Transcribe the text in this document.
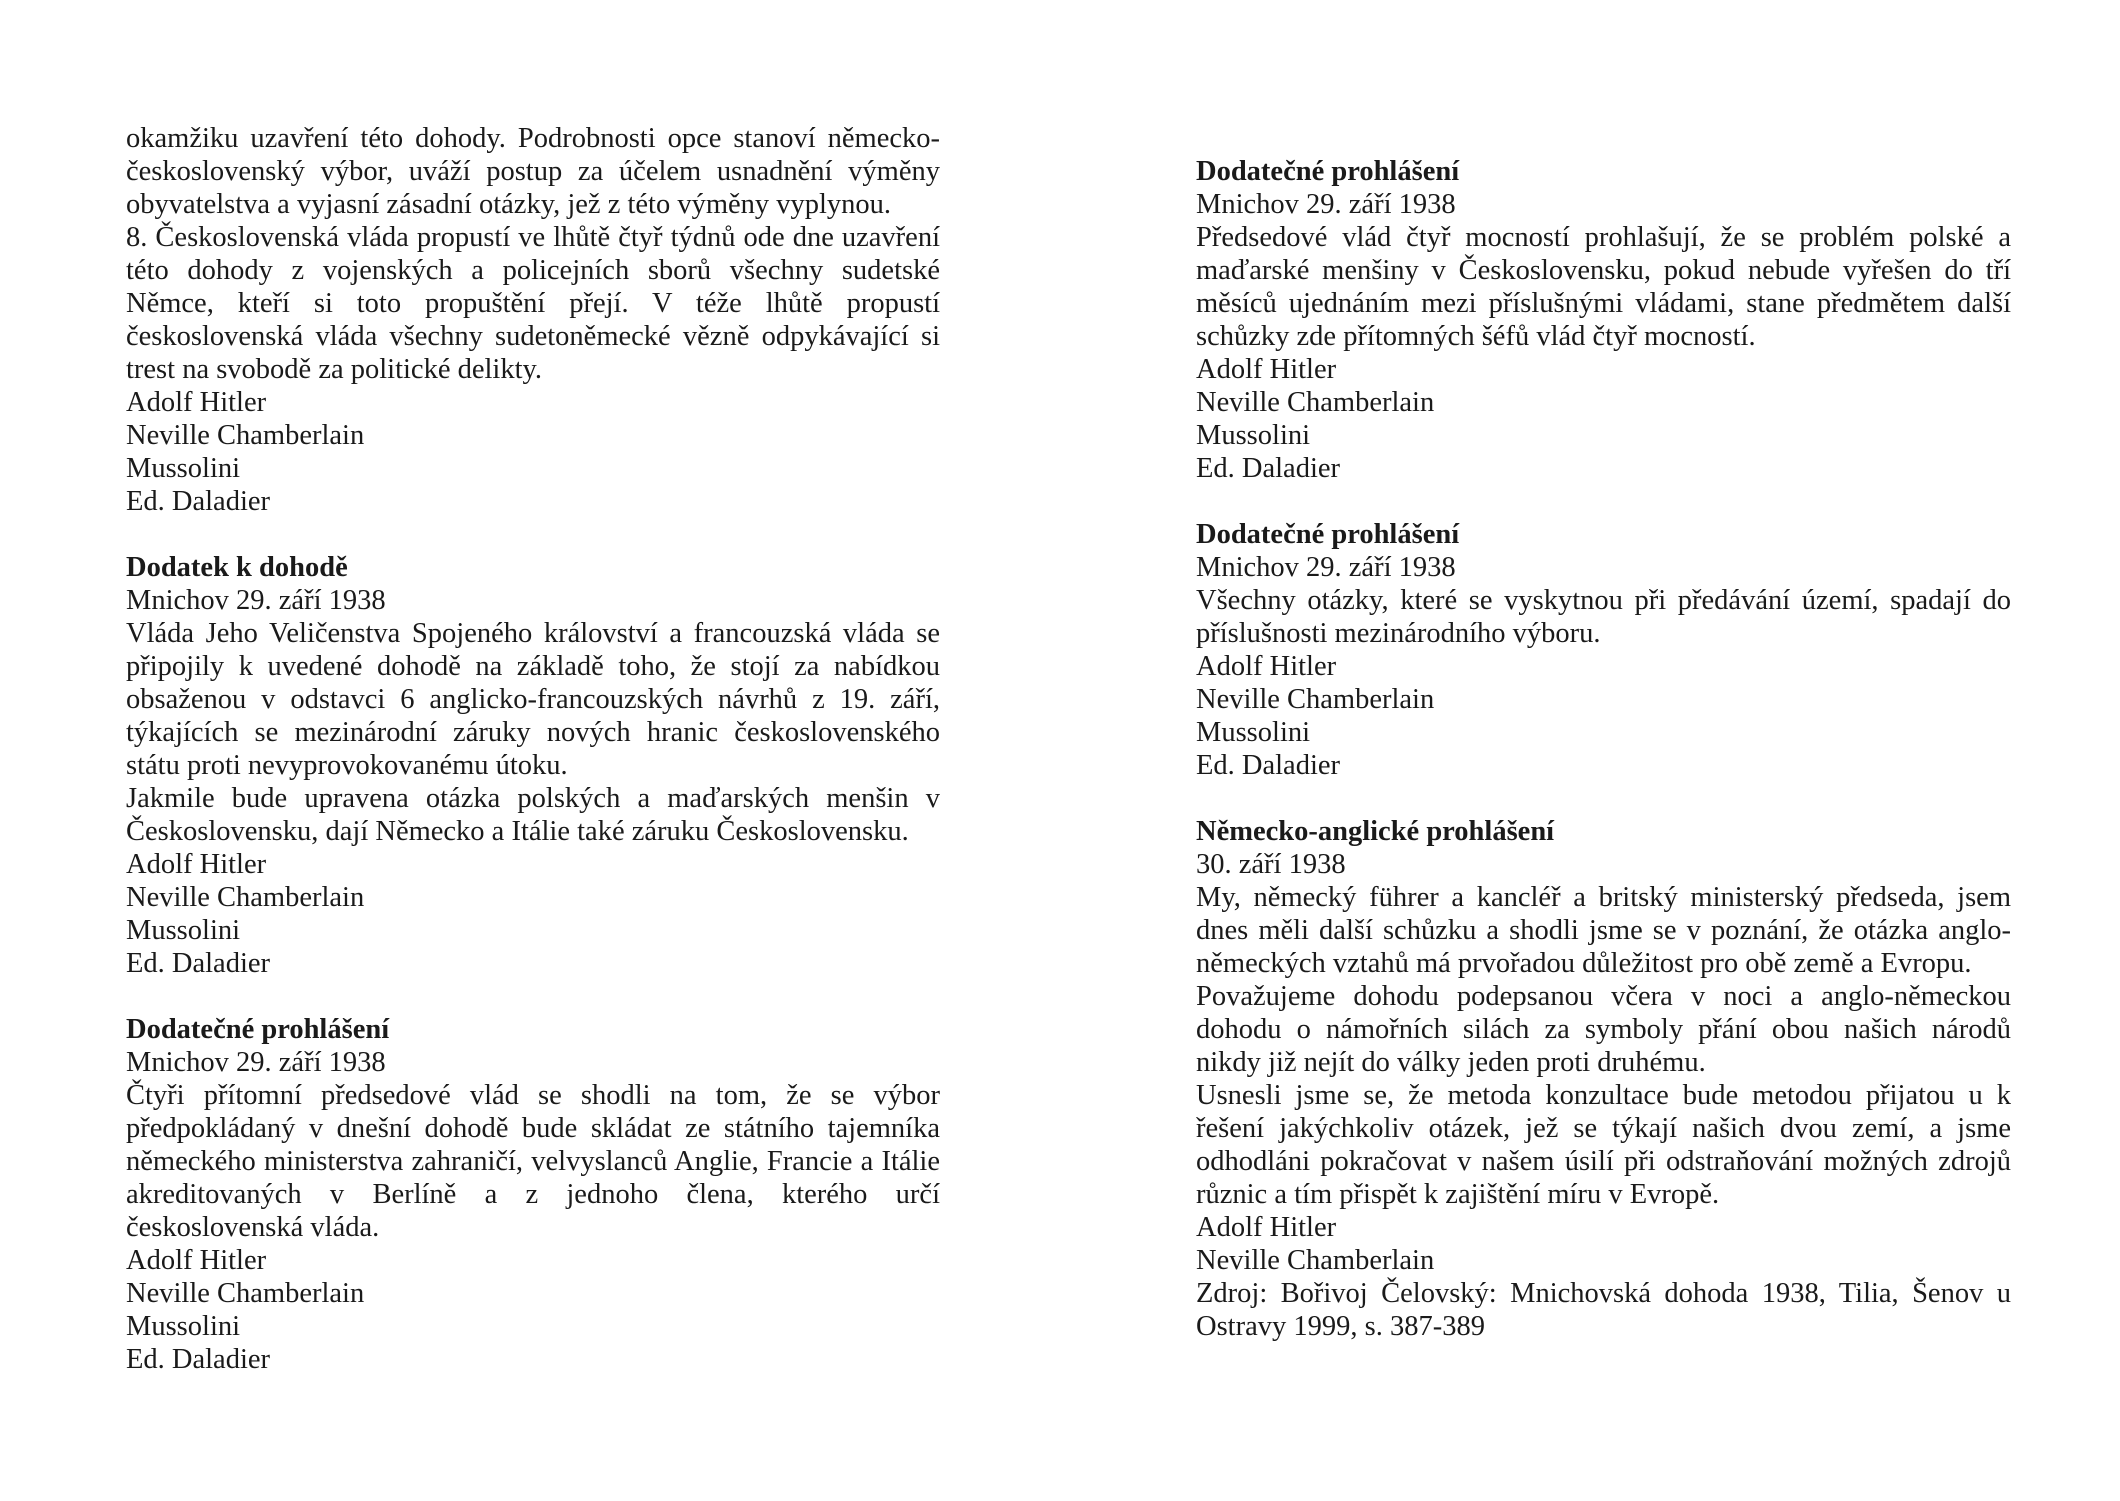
okamžiku uzavření této dohody. Podrobnosti opce stanoví německo-československý výbor, uváží postup za účelem usnadnění výměny obyvatelstva a vyjasní zásadní otázky, jež z této výměny vyplynou.

8. Československá vláda propustí ve lhůtě čtyř týdnů ode dne uzavření této dohody z vojenských a policejních sborů všechny sudetské Němce, kteří si toto propuštění přejí. V téže lhůtě propustí československá vláda všechny sudetoněmecké vězně odpykávající si trest na svobodě za politické delikty.

Adolf Hitler

Neville Chamberlain

Mussolini

Ed. Daladier

Dodatek k dohodě

Mnichov 29. září 1938

Vláda Jeho Veličenstva Spojeného království a francouzská vláda se připojily k uvedené dohodě na základě toho, že stojí za nabídkou obsaženou v odstavci 6 anglicko-francouzských návrhů z 19. září, týkajících se mezinárodní záruky nových hranic československého státu proti nevyprovokovanému útoku.

Jakmile bude upravena otázka polských a maďarských menšin v Československu, dají Německo a Itálie také záruku Československu.

Adolf Hitler

Neville Chamberlain

Mussolini

Ed. Daladier

Dodatečné prohlášení

Mnichov 29. září 1938

Čtyři přítomní předsedové vlád se shodli na tom, že se výbor předpokládaný v dnešní dohodě bude skládat ze státního tajemníka německého ministerstva zahraničí, velvyslanců Anglie, Francie a Itálie akreditovaných v Berlíně a z jednoho člena, kterého určí československá vláda.

Adolf Hitler

Neville Chamberlain

Mussolini

Ed. Daladier

Dodatečné prohlášení

Mnichov 29. září 1938

Předsedové vlád čtyř mocností prohlašují, že se problém polské a maďarské menšiny v Československu, pokud nebude vyřešen do tří měsíců ujednáním mezi příslušnými vládami, stane předmětem další schůzky zde přítomných šéfů vlád čtyř mocností.

Adolf Hitler

Neville Chamberlain

Mussolini

Ed. Daladier

Dodatečné prohlášení

Mnichov 29. září 1938

Všechny otázky, které se vyskytnou při předávání území, spadají do příslušnosti mezinárodního výboru.

Adolf Hitler

Neville Chamberlain

Mussolini

Ed. Daladier

Německo-anglické prohlášení

30. září 1938

My, německý führer a kancléř a britský ministerský předseda, jsem dnes měli další schůzku a shodli jsme se v poznání, že otázka anglo-německých vztahů má prvořadou důležitost pro obě země a Evropu.

Považujeme dohodu podepsanou včera v noci a anglo-německou dohodu o námořních silách za symboly přání obou našich národů nikdy již nejít do války jeden proti druhému.

Usnesli jsme se, že metoda konzultace bude metodou přijatou u k řešení jakýchkoliv otázek, jež se týkají našich dvou zemí, a jsme odhodláni pokračovat v našem úsilí při odstraňování možných zdrojů různic a tím přispět k zajištění míru v Evropě.

Adolf Hitler

Neville Chamberlain

Zdroj: Bořivoj Čelovský: Mnichovská dohoda 1938, Tilia, Šenov u Ostravy 1999, s. 387-389
